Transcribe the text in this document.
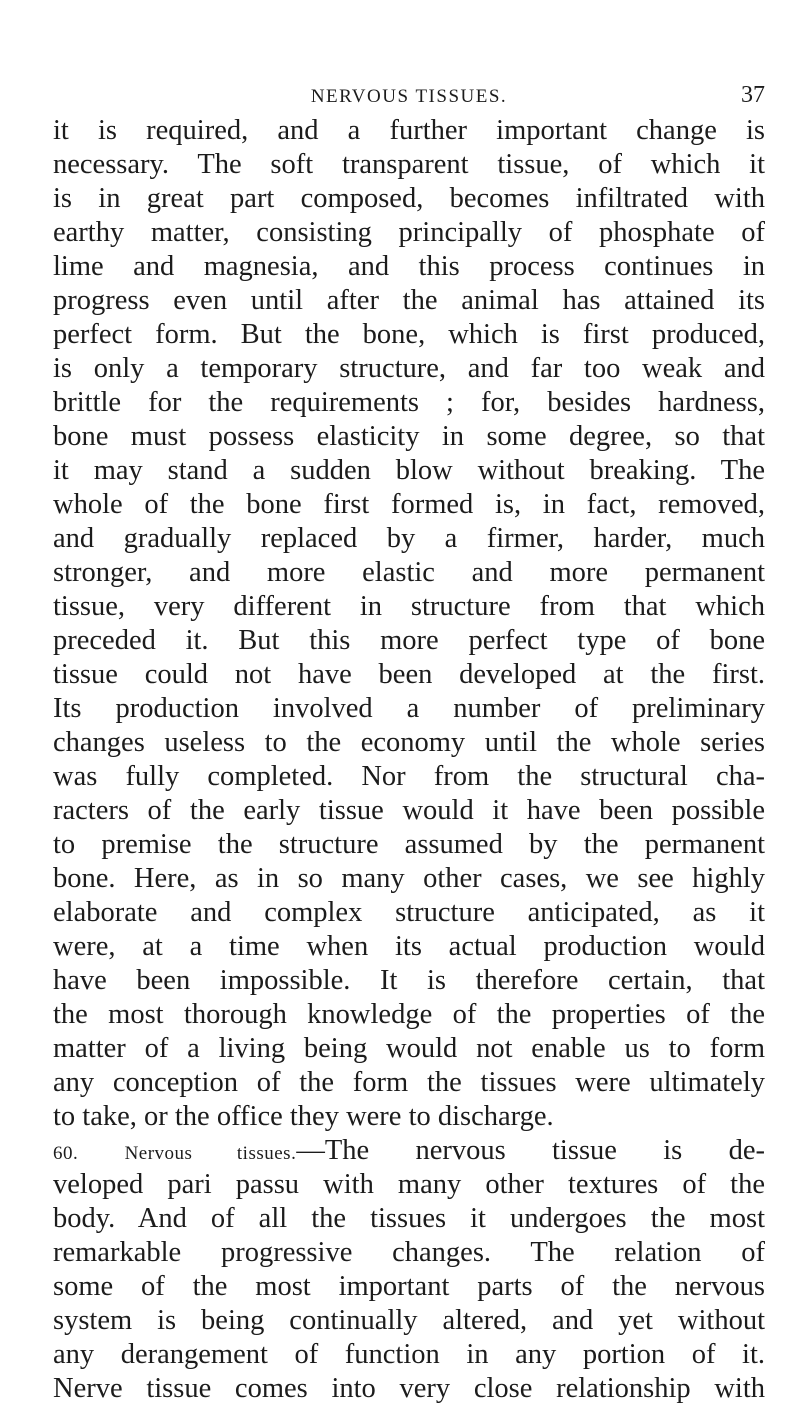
NERVOUS TISSUES.	37
it is required, and a further important change is
necessary. The soft transparent tissue, of which it
is in great part composed, becomes infiltrated with
earthy matter, consisting principally of phosphate of
lime and magnesia, and this process continues in
progress even until after the animal has attained its
perfect form. But the bone, which is first produced,
is only a temporary structure, and far too weak and
brittle for the requirements ; for, besides hardness,
bone must possess elasticity in some degree, so that
it may stand a sudden blow without breaking. The
whole of the bone first formed is, in fact, removed,
and gradually replaced by a firmer, harder, much
stronger, and more elastic and more permanent
tissue, very different in structure from that which
preceded it. But this more perfect type of bone
tissue could not have been developed at the first.
Its production involved a number of preliminary
changes useless to the economy until the whole series
was fully completed. Nor from the structural cha-
racters of the early tissue would it have been possible
to premise the structure assumed by the permanent
bone. Here, as in so many other cases, we see highly
elaborate and complex structure anticipated, as it
were, at a time when its actual production would
have been impossible. It is therefore certain, that
the most thorough knowledge of the properties of the
matter of a living being would not enable us to form
any conception of the form the tissues were ultimately
to take, or the office they were to discharge.
60. Nervous tissues.—The nervous tissue is de-
veloped pari passu with many other textures of the
body. And of all the tissues it undergoes the most
remarkable progressive changes. The relation of
some of the most important parts of the nervous
system is being continually altered, and yet without
any derangement of function in any portion of it.
Nerve tissue comes into very close relationship with
